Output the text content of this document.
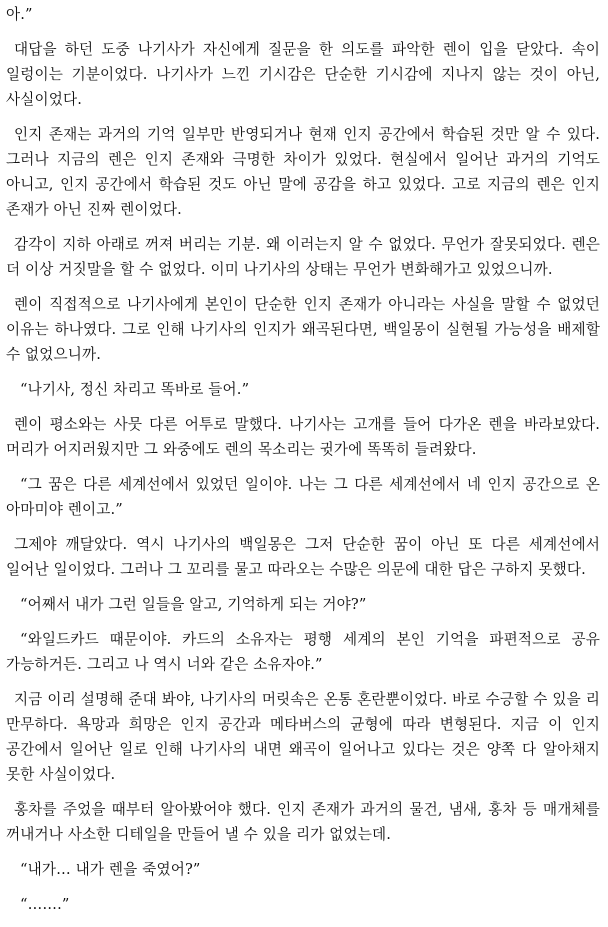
아.”

대답을 하던 도중 나기사가 자신에게 질문을 한 의도를 파악한 렌이 입을 닫았다. 속이 일렁이는 기분이었다. 나기사가 느낀 기시감은 단순한 기시감에 지나지 않는 것이 아닌, 사실이었다.

인지 존재는 과거의 기억 일부만 반영되거나 현재 인지 공간에서 학습된 것만 알 수 있다. 그러나 지금의 렌은 인지 존재와 극명한 차이가 있었다. 현실에서 일어난 과거의 기억도 아니고, 인지 공간에서 학습된 것도 아닌 말에 공감을 하고 있었다. 고로 지금의 렌은 인지 존재가 아닌 진짜 렌이었다.

감각이 지하 아래로 꺼져 버리는 기분. 왜 이러는지 알 수 없었다. 무언가 잘못되었다. 렌은 더 이상 거짓말을 할 수 없었다. 이미 나기사의 상태는 무언가 변화해가고 있었으니까.

렌이 직접적으로 나기사에게 본인이 단순한 인지 존재가 아니라는 사실을 말할 수 없었던 이유는 하나였다. 그로 인해 나기사의 인지가 왜곡된다면, 백일몽이 실현될 가능성을 배제할 수 없었으니까.

“나기사, 정신 차리고 똑바로 들어.”

렌이 평소와는 사뭇 다른 어투로 말했다. 나기사는 고개를 들어 다가온 렌을 바라보았다. 머리가 어지러웠지만 그 와중에도 렌의 목소리는 귓가에 똑똑히 들려왔다.

“그 꿈은 다른 세계선에서 있었던 일이야. 나는 그 다른 세계선에서 네 인지 공간으로 온 아마미야 렌이고.”

그제야 깨달았다. 역시 나기사의 백일몽은 그저 단순한 꿈이 아닌 또 다른 세계선에서 일어난 일이었다. 그러나 그 꼬리를 물고 따라오는 수많은 의문에 대한 답은 구하지 못했다.

“어째서 내가 그런 일들을 알고, 기억하게 되는 거야?”

“와일드카드 때문이야. 카드의 소유자는 평행 세계의 본인 기억을 파편적으로 공유 가능하거든. 그리고 나 역시 너와 같은 소유자야.”

지금 이리 설명해 준대 봐야, 나기사의 머릿속은 온통 혼란뿐이었다. 바로 수긍할 수 있을 리 만무하다. 욕망과 희망은 인지 공간과 메타버스의 균형에 따라 변형된다. 지금 이 인지 공간에서 일어난 일로 인해 나기사의 내면 왜곡이 일어나고 있다는 것은 양쪽 다 알아채지 못한 사실이었다.

홍차를 주었을 때부터 알아봤어야 했다. 인지 존재가 과거의 물건, 냄새, 홍차 등 매개체를 꺼내거나 사소한 디테일을 만들어 낼 수 있을 리가 없었는데.

“내가… 내가 렌을 죽였어?”

“…….”
